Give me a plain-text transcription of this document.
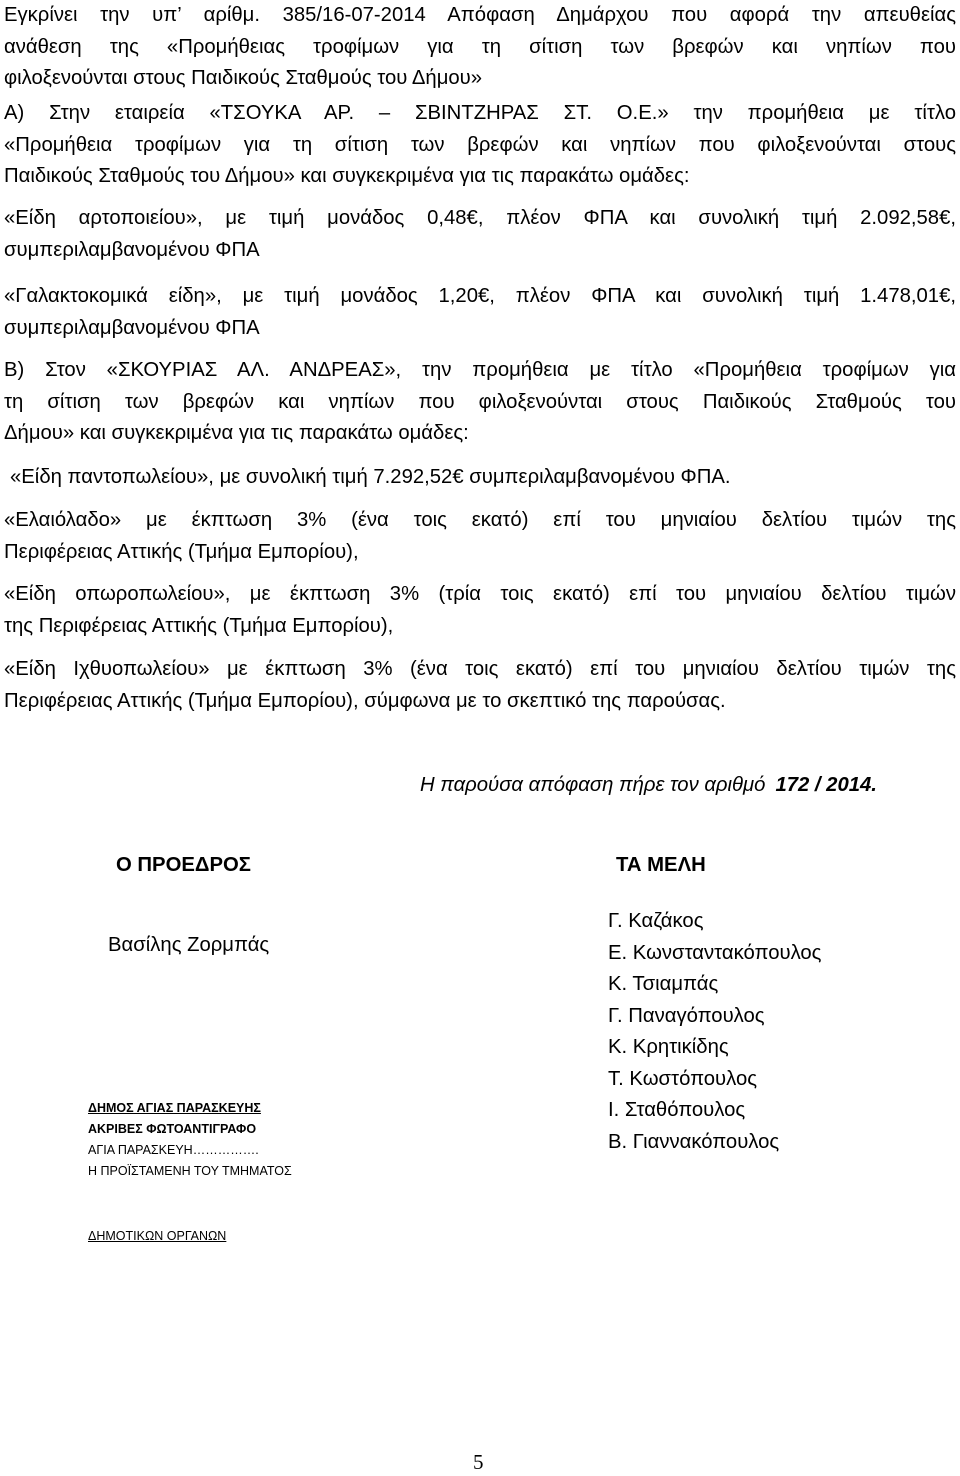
Εγκρίνει την υπ’ αρίθμ. 385/16-07-2014 Απόφαση Δημάρχου που αφορά την απευθείας
ανάθεση της «Προμήθειας τροφίμων για τη σίτιση των βρεφών και νηπίων που
φιλοξενούνται στους Παιδικούς Σταθμούς του Δήμου»

Α) Στην εταιρεία «ΤΣΟΥΚΑ ΑΡ. – ΣΒΙΝΤΖΗΡΑΣ ΣΤ. Ο.Ε.» την προμήθεια με τίτλο
«Προμήθεια τροφίμων για τη σίτιση των βρεφών και νηπίων που φιλοξενούνται στους
Παιδικούς Σταθμούς του Δήμου» και συγκεκριμένα για τις παρακάτω ομάδες:

«Είδη αρτοποιείου», με τιμή μονάδος 0,48€, πλέον ΦΠΑ και συνολική τιμή 2.092,58€,
συμπεριλαμβανομένου ΦΠΑ

«Γαλακτοκομικά είδη», με τιμή μονάδος 1,20€, πλέον ΦΠΑ και συνολική τιμή 1.478,01€,
συμπεριλαμβανομένου ΦΠΑ

Β) Στον «ΣΚΟΥΡΙΑΣ ΑΛ. ΑΝΔΡΕΑΣ», την προμήθεια με τίτλο «Προμήθεια τροφίμων για
τη σίτιση των βρεφών και νηπίων που φιλοξενούνται στους Παιδικούς Σταθμούς του
Δήμου» και συγκεκριμένα για τις παρακάτω ομάδες:

«Είδη παντοπωλείου», με συνολική τιμή 7.292,52€ συμπεριλαμβανομένου ΦΠΑ.

«Ελαιόλαδο» με έκπτωση 3% (ένα τοις εκατό) επί του μηνιαίου δελτίου τιμών της
Περιφέρειας Αττικής (Τμήμα Εμπορίου),

«Είδη οπωροπωλείου», με έκπτωση 3% (τρία τοις εκατό) επί του μηνιαίου δελτίου τιμών
της Περιφέρειας Αττικής (Τμήμα Εμπορίου),

«Είδη Ιχθυοπωλείου» με έκπτωση 3% (ένα τοις εκατό) επί του μηνιαίου δελτίου τιμών της
Περιφέρειας Αττικής (Τμήμα Εμπορίου), σύμφωνα με το σκεπτικό της παρούσας.

Η παρούσα απόφαση πήρε τον αριθμό 172 / 2014.
Ο ΠΡΟΕΔΡΟΣ
Βασίλης Ζορμπάς
ΤΑ ΜΕΛΗ
Γ. Καζάκος
Ε. Κωνσταντακόπουλος
Κ. Τσιαμπάς
Γ. Παναγόπουλος
Κ. Κρητικίδης
Τ. Κωστόπουλος
Ι. Σταθόπουλος
Β. Γιαννακόπουλος
ΔΗΜΟΣ ΑΓΙΑΣ ΠΑΡΑΣΚΕΥΗΣ
ΑΚΡΙΒΕΣ ΦΩΤΟΑΝΤΙΓΡΑΦΟ
ΑΓΙΑ ΠΑΡΑΣΚΕΥΗ…………….
Η ΠΡΟΪΣΤΑΜΕΝΗ ΤΟΥ ΤΜΗΜΑΤΟΣ
ΔΗΜΟΤΙΚΩΝ ΟΡΓΑΝΩΝ
5
